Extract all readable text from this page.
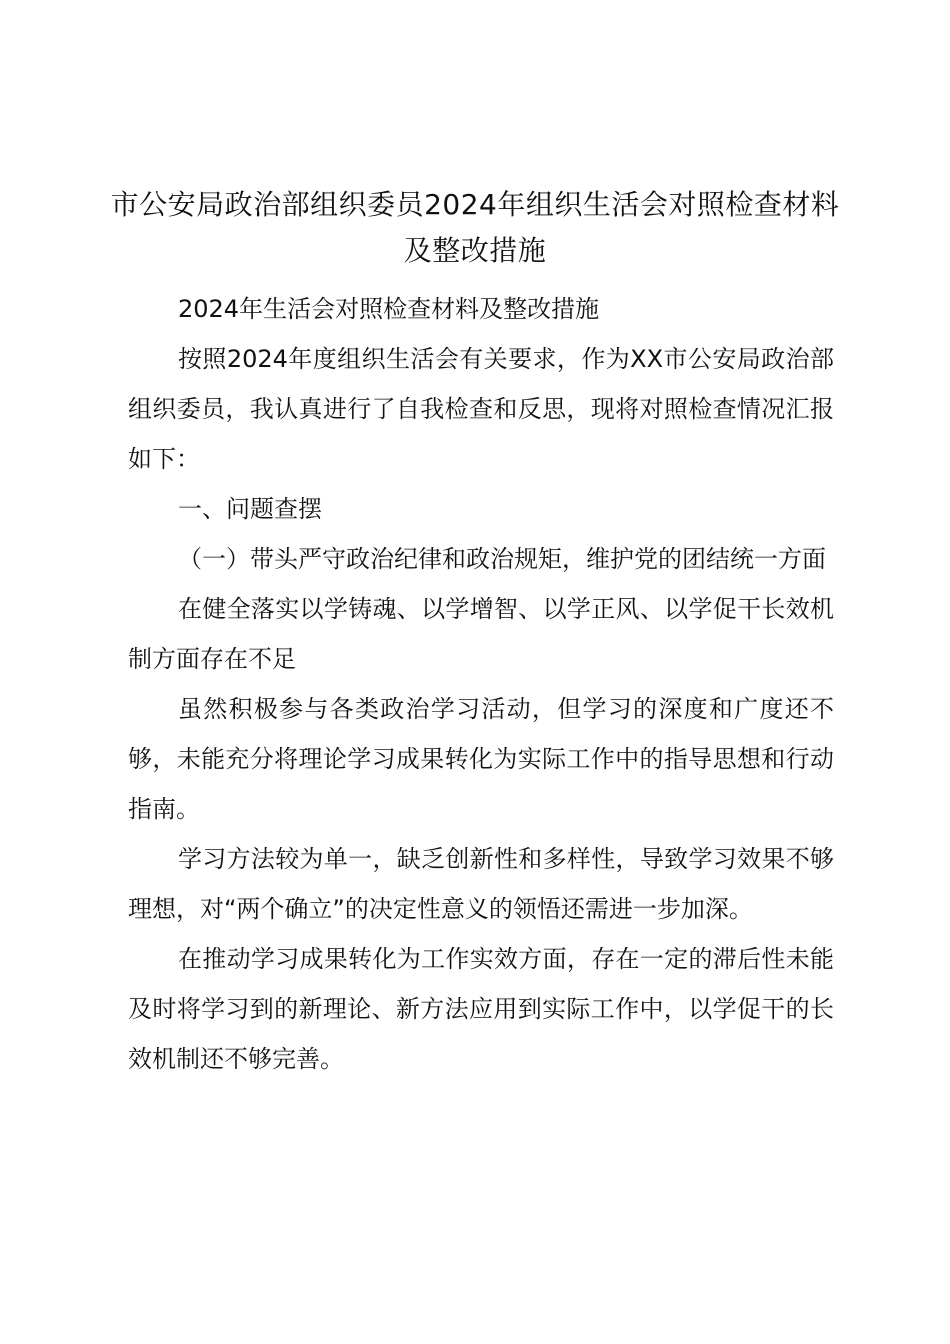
市公安局政治部组织委员2024年组织生活会对照检查材料及整改措施

2024年生活会对照检查材料及整改措施

按照2024年度组织生活会有关要求，作为XX市公安局政治部组织委员，我认真进行了自我检查和反思，现将对照检查情况汇报如下：

一、问题查摆

（一）带头严守政治纪律和政治规矩，维护党的团结统一方面

在健全落实以学铸魂、以学增智、以学正风、以学促干长效机制方面存在不足

虽然积极参与各类政治学习活动，但学习的深度和广度还不够，未能充分将理论学习成果转化为实际工作中的指导思想和行动指南。

学习方法较为单一，缺乏创新性和多样性，导致学习效果不够理想，对“两个确立”的决定性意义的领悟还需进一步加深。

在推动学习成果转化为工作实效方面，存在一定的滞后性未能及时将学习到的新理论、新方法应用到实际工作中，以学促干的长效机制还不够完善。
